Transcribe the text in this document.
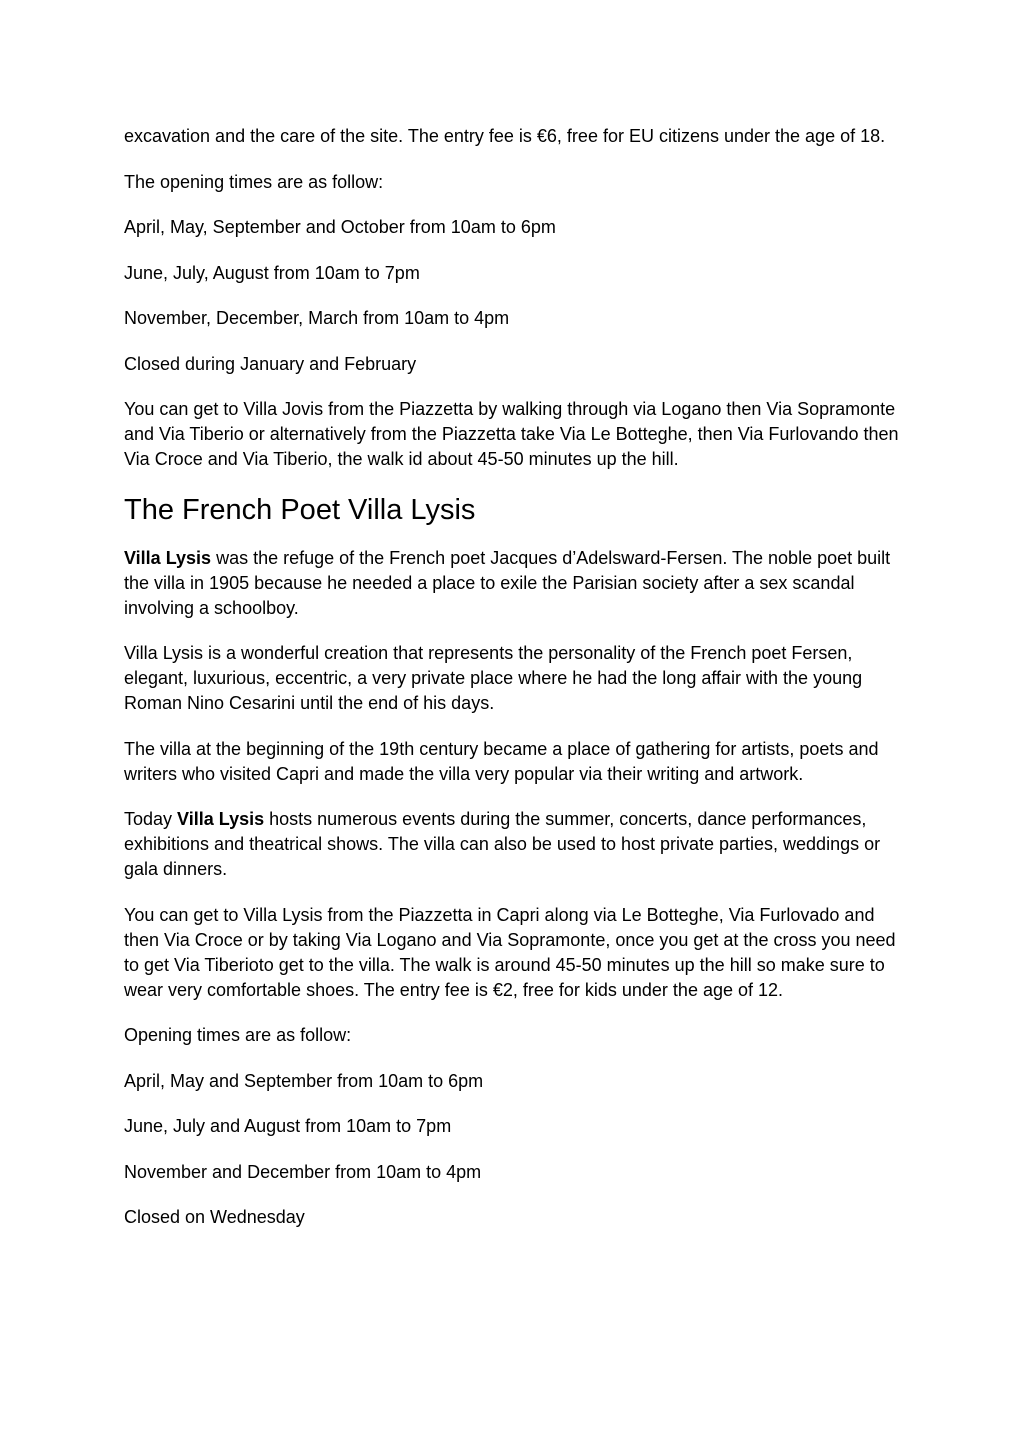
excavation and the care of the site. The entry fee is €6, free for EU citizens under the age of 18.

The opening times are as follow:

April, May, September and October from 10am to 6pm

June, July, August from 10am to 7pm

November, December, March from 10am to 4pm

Closed during January and February

You can get to Villa Jovis from the Piazzetta by walking through via Logano then Via Sopramonte and Via Tiberio or alternatively from the Piazzetta take Via Le Botteghe, then Via Furlovando then Via Croce and Via Tiberio, the walk id about 45-50 minutes up the hill.

The French Poet Villa Lysis

Villa Lysis was the refuge of the French poet Jacques d’Adelsward-Fersen. The noble poet built the villa in 1905 because he needed a place to exile the Parisian society after a sex scandal involving a schoolboy.

Villa Lysis is a wonderful creation that represents the personality of the French poet Fersen, elegant, luxurious, eccentric, a very private place where he had the long affair with the young Roman Nino Cesarini until the end of his days.

The villa at the beginning of the 19th century became a place of gathering for artists, poets and writers who visited Capri and made the villa very popular via their writing and artwork.

Today Villa Lysis hosts numerous events during the summer, concerts, dance performances, exhibitions and theatrical shows. The villa can also be used to host private parties, weddings or gala dinners.

You can get to Villa Lysis from the Piazzetta in Capri along via Le Botteghe, Via Furlovado and then Via Croce or by taking Via Logano and Via Sopramonte, once you get at the cross you need to get Via Tiberioto get to the villa. The walk is around 45-50 minutes up the hill so make sure to wear very comfortable shoes. The entry fee is €2, free for kids under the age of 12.

Opening times are as follow:

April, May and September from 10am to 6pm

June, July and August from 10am to 7pm

November and December from 10am to 4pm

Closed on Wednesday
